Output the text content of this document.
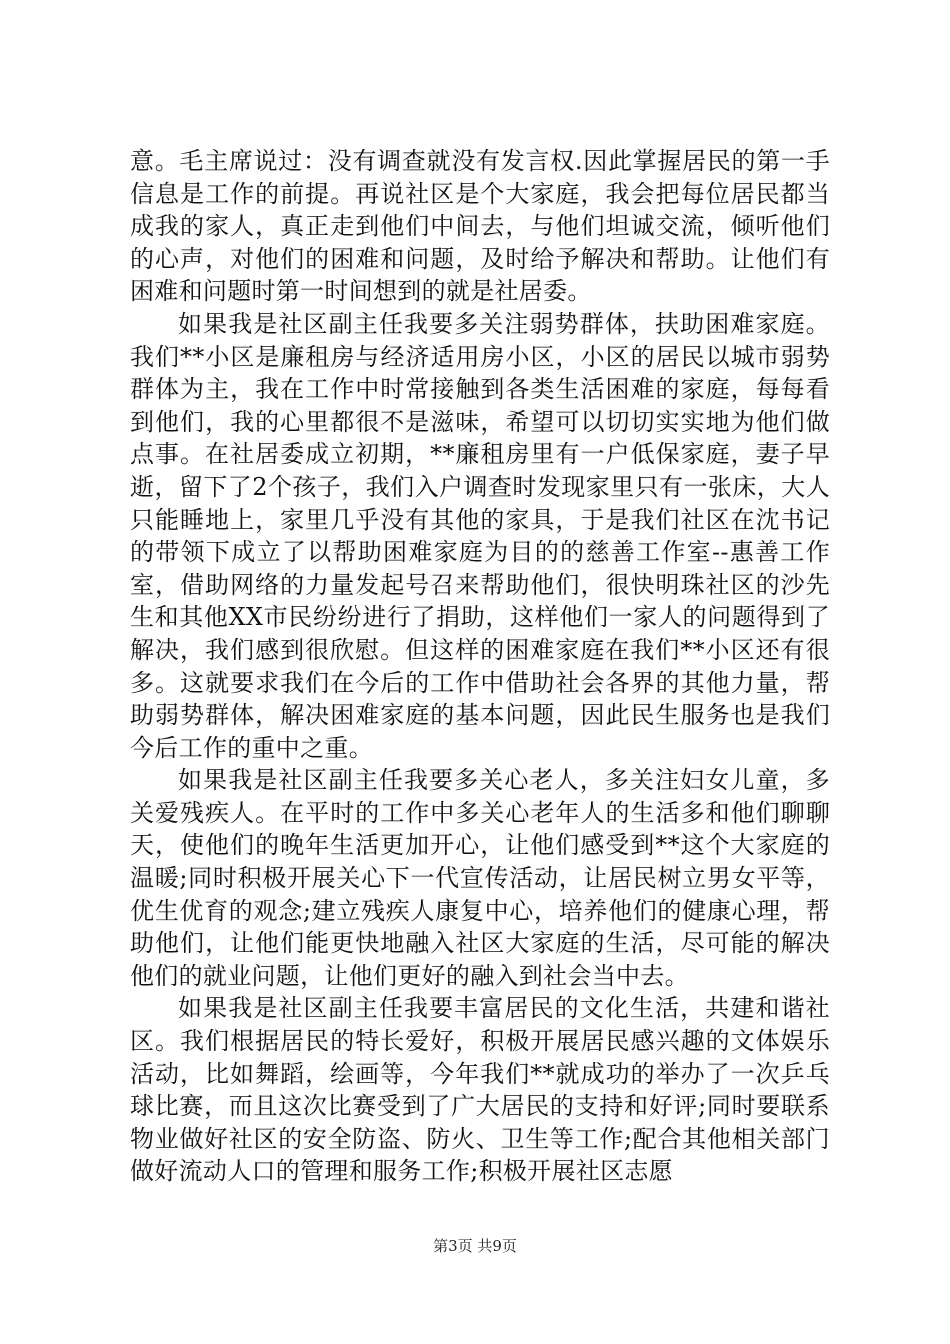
意。毛主席说过：没有调查就没有发言权.因此掌握居民的第一手信息是工作的前提。再说社区是个大家庭，我会把每位居民都当成我的家人，真正走到他们中间去，与他们坦诚交流，倾听他们的心声，对他们的困难和问题，及时给予解决和帮助。让他们有困难和问题时第一时间想到的就是社居委。

如果我是社区副主任我要多关注弱势群体，扶助困难家庭。我们**小区是廉租房与经济适用房小区，小区的居民以城市弱势群体为主，我在工作中时常接触到各类生活困难的家庭，每每看到他们，我的心里都很不是滋味，希望可以切切实实地为他们做点事。在社居委成立初期，**廉租房里有一户低保家庭，妻子早逝，留下了2个孩子，我们入户调查时发现家里只有一张床，大人只能睡地上，家里几乎没有其他的家具，于是我们社区在沈书记的带领下成立了以帮助困难家庭为目的的慈善工作室--惠善工作室，借助网络的力量发起号召来帮助他们，很快明珠社区的沙先生和其他XX市民纷纷进行了捐助，这样他们一家人的问题得到了解决，我们感到很欣慰。但这样的困难家庭在我们**小区还有很多。这就要求我们在今后的工作中借助社会各界的其他力量，帮助弱势群体，解决困难家庭的基本问题，因此民生服务也是我们今后工作的重中之重。

如果我是社区副主任我要多关心老人，多关注妇女儿童，多关爱残疾人。在平时的工作中多关心老年人的生活多和他们聊聊天，使他们的晚年生活更加开心，让他们感受到**这个大家庭的温暖;同时积极开展关心下一代宣传活动，让居民树立男女平等，优生优育的观念;建立残疾人康复中心，培养他们的健康心理，帮助他们，让他们能更快地融入社区大家庭的生活，尽可能的解决他们的就业问题，让他们更好的融入到社会当中去。

如果我是社区副主任我要丰富居民的文化生活，共建和谐社区。我们根据居民的特长爱好，积极开展居民感兴趣的文体娱乐活动，比如舞蹈，绘画等，今年我们**就成功的举办了一次乒乓球比赛，而且这次比赛受到了广大居民的支持和好评;同时要联系物业做好社区的安全防盗、防火、卫生等工作;配合其他相关部门做好流动人口的管理和服务工作;积极开展社区志愿

第3页 共9页
